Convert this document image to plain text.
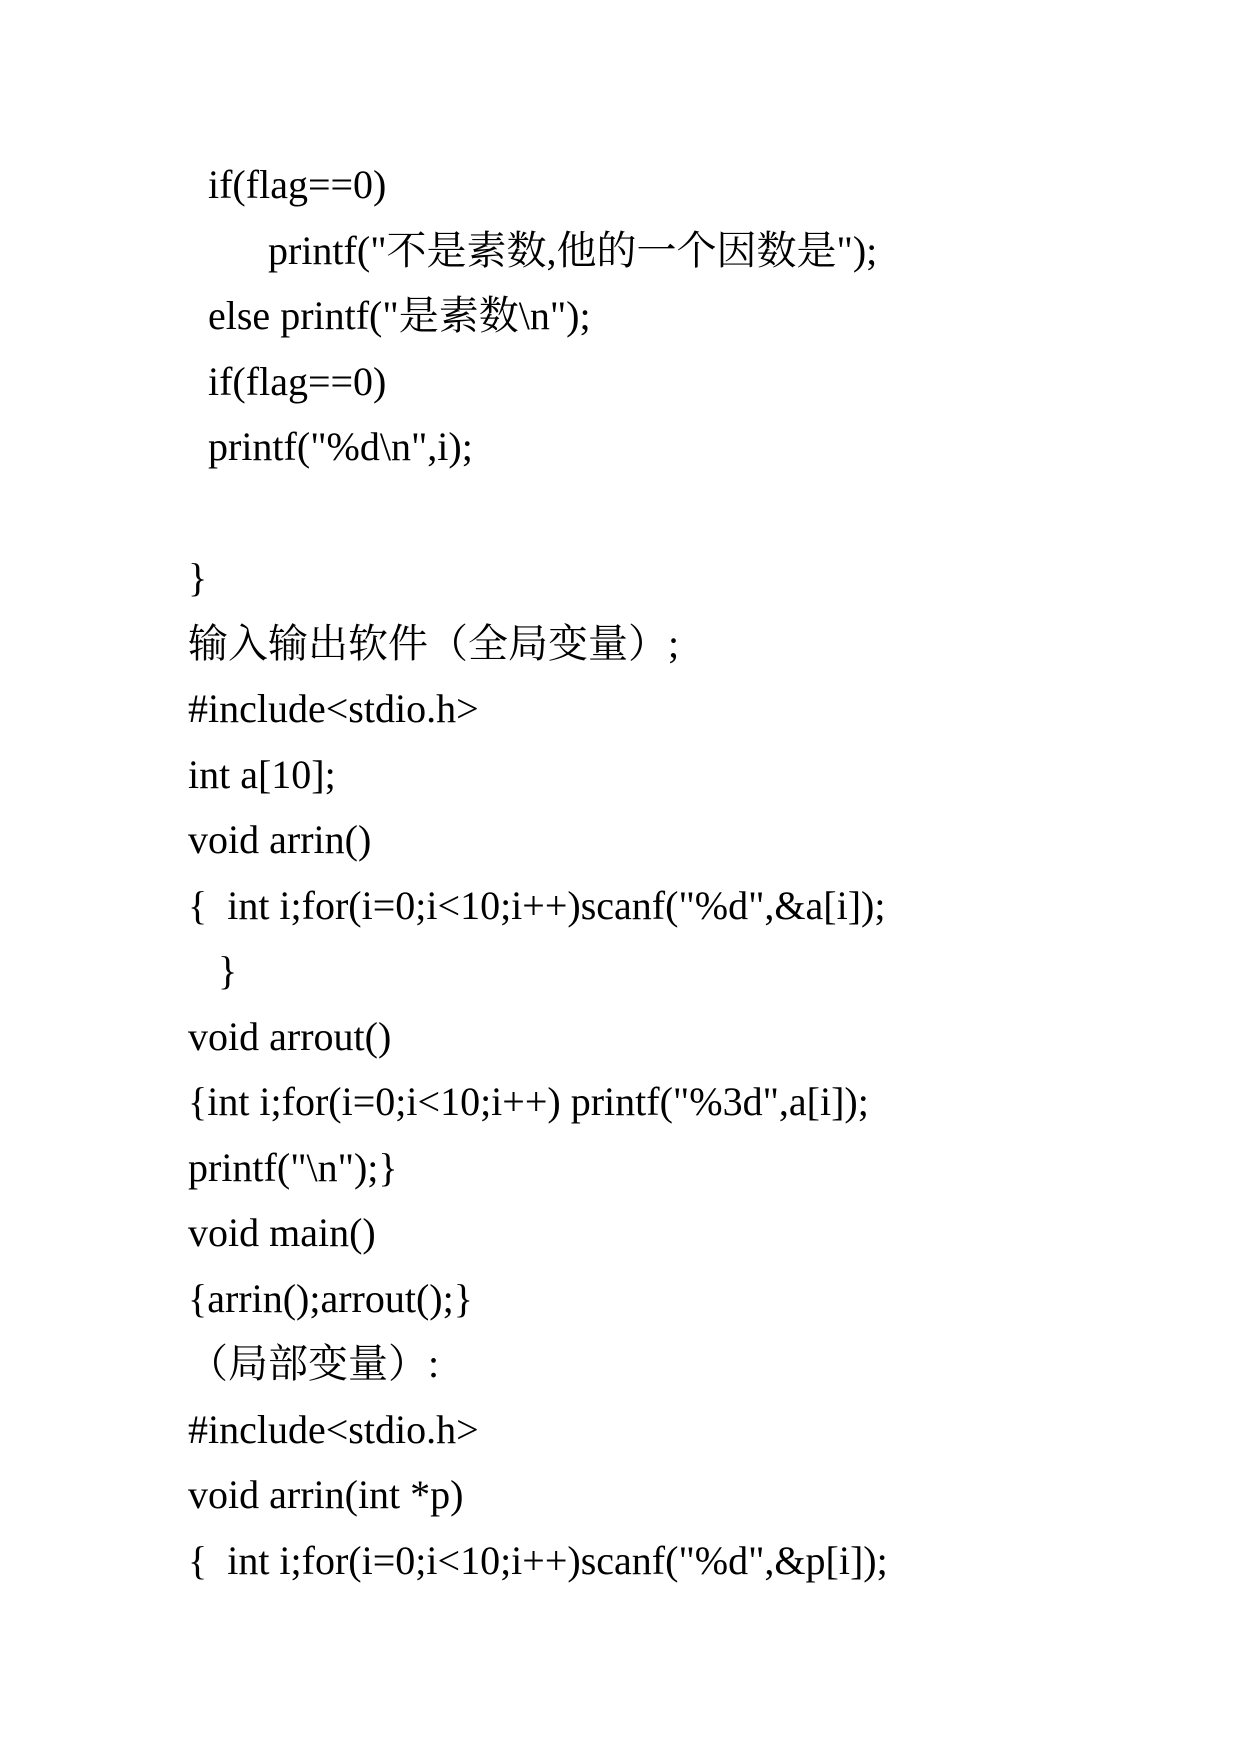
if(flag==0)
printf("不是素数,他的一个因数是");
else printf("是素数\n");
if(flag==0)
printf("%d\n",i);
}
输入输出软件（全局变量）;
#include<stdio.h>
int a[10];
void arrin()
{  int i;for(i=0;i<10;i++)scanf("%d",&a[i]);
}
void arrout()
{int i;for(i=0;i<10;i++) printf("%3d",a[i]);
printf("\n");}
void main()
{arrin();arrout();}
（局部变量）:
#include<stdio.h>
void arrin(int *p)
{  int i;for(i=0;i<10;i++)scanf("%d",&p[i]);
